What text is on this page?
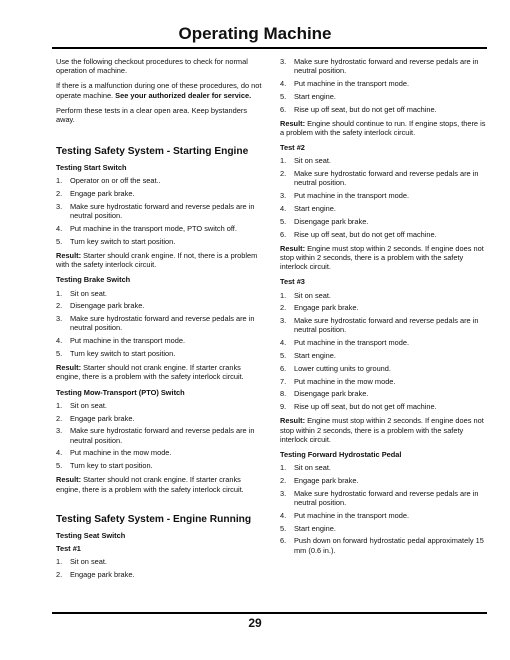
Operating Machine

Use the following checkout procedures to check for normal operation of machine.

If there is a malfunction during one of these procedures, do not operate machine. See your authorized dealer for service.

Perform these tests in a clear open area. Keep bystanders away.

Testing Safety System - Starting Engine
Testing Start Switch
1.	Operator on or off the seat..
2.	Engage park brake.
3.	Make sure hydrostatic forward and reverse pedals are in neutral position.
4.	Put machine in the transport mode, PTO switch off.
5.	Turn key switch to start position.

Result: Starter should crank engine. If not, there is a problem with the safety interlock circuit.

Testing Brake Switch
1.	Sit on seat.
2.	Disengage park brake.
3.	Make sure hydrostatic forward and reverse pedals are in neutral position.
4.	Put machine in the transport mode.
5.	Turn key switch to start position.

Result: Starter should not crank engine. If starter cranks engine, there is a problem with the safety interlock circuit.

Testing Mow-Transport (PTO) Switch
1.	Sit on seat.
2.	Engage park brake.
3.	Make sure hydrostatic forward and reverse pedals are in neutral position.
4.	Put machine in the mow mode.
5.	Turn key to start position.

Result: Starter should not crank engine. If starter cranks engine, there is a problem with the safety interlock circuit.

Testing Safety System - Engine Running
Testing Seat Switch
Test #1
1.	Sit on seat.
2.	Engage park brake.
3.	Make sure hydrostatic forward and reverse pedals are in neutral position.
4.	Put machine in the transport mode.
5.	Start engine.
6.	Rise up off seat, but do not get off machine.

Result: Engine should continue to run. If engine stops, there is a problem with the safety interlock circuit.

Test #2
1.	Sit on seat.
2.	Make sure hydrostatic forward and reverse pedals are in neutral position.
3.	Put machine in the transport mode.
4.	Start engine.
5.	Disengage park brake.
6.	Rise up off seat, but do not get off machine.

Result: Engine must stop within 2 seconds. If engine does not stop within 2 seconds, there is a problem with the safety interlock circuit.

Test #3
1.	Sit on seat.
2.	Engage park brake.
3.	Make sure hydrostatic forward and reverse pedals are in neutral position.
4.	Put machine in the transport mode.
5.	Start engine.
6.	Lower cutting units to ground.
7.	Put machine in the mow mode.
8.	Disengage park brake.
9.	Rise up off seat, but do not get off machine.

Result: Engine must stop within 2 seconds. If engine does not stop within 2 seconds, there is a problem with the safety interlock circuit.

Testing Forward Hydrostatic Pedal
1.	Sit on seat.
2.	Engage park brake.
3.	Make sure hydrostatic forward and reverse pedals are in neutral position.
4.	Put machine in the transport mode.
5.	Start engine.
6.	Push down on forward hydrostatic pedal approximately 15 mm (0.6 in.).
29
